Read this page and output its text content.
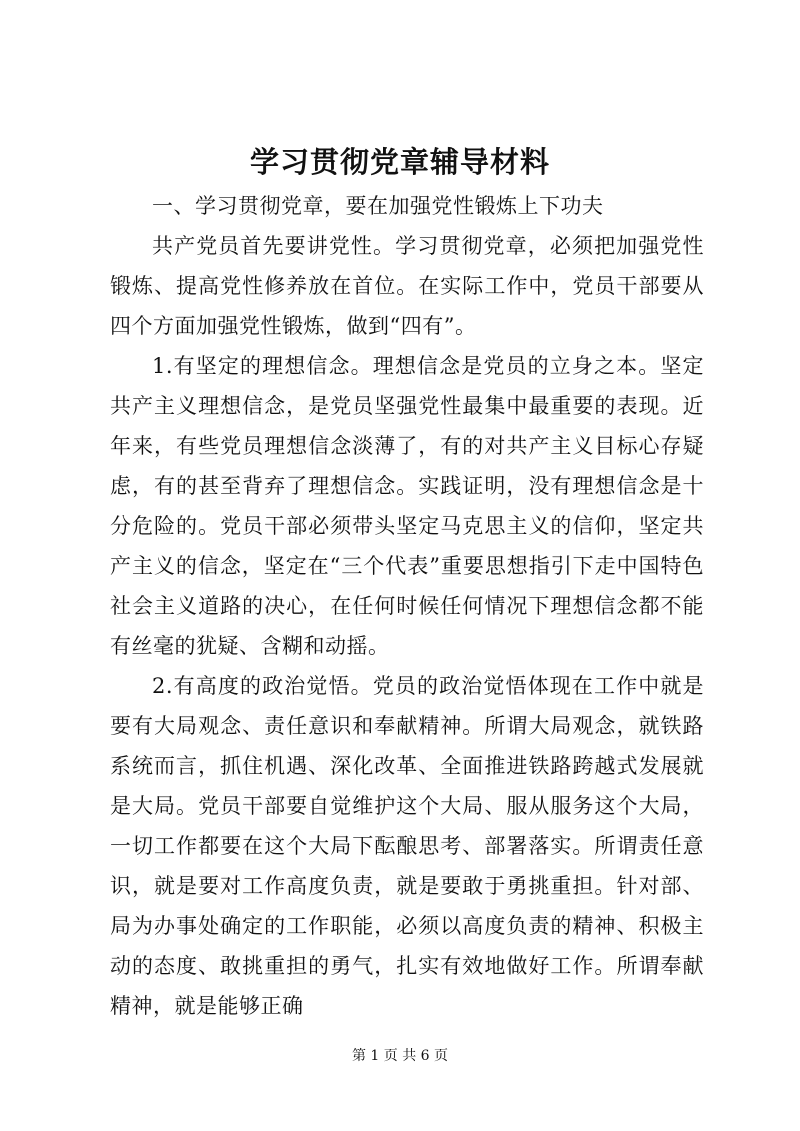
学习贯彻党章辅导材料

一、学习贯彻党章，要在加强党性锻炼上下功夫

共产党员首先要讲党性。学习贯彻党章，必须把加强党性锻炼、提高党性修养放在首位。在实际工作中，党员干部要从四个方面加强党性锻炼，做到“四有”。

1.有坚定的理想信念。理想信念是党员的立身之本。坚定共产主义理想信念，是党员坚强党性最集中最重要的表现。近年来，有些党员理想信念淡薄了，有的对共产主义目标心存疑虑，有的甚至背弃了理想信念。实践证明，没有理想信念是十分危险的。党员干部必须带头坚定马克思主义的信仰，坚定共产主义的信念，坚定在“三个代表”重要思想指引下走中国特色社会主义道路的决心，在任何时候任何情况下理想信念都不能有丝毫的犹疑、含糊和动摇。

2.有高度的政治觉悟。党员的政治觉悟体现在工作中就是要有大局观念、责任意识和奉献精神。所谓大局观念，就铁路系统而言，抓住机遇、深化改革、全面推进铁路跨越式发展就是大局。党员干部要自觉维护这个大局、服从服务这个大局，一切工作都要在这个大局下酝酿思考、部署落实。所谓责任意识，就是要对工作高度负责，就是要敢于勇挑重担。针对部、局为办事处确定的工作职能，必须以高度负责的精神、积极主动的态度、敢挑重担的勇气，扎实有效地做好工作。所谓奉献精神，就是能够正确

第 1 页 共 6 页
